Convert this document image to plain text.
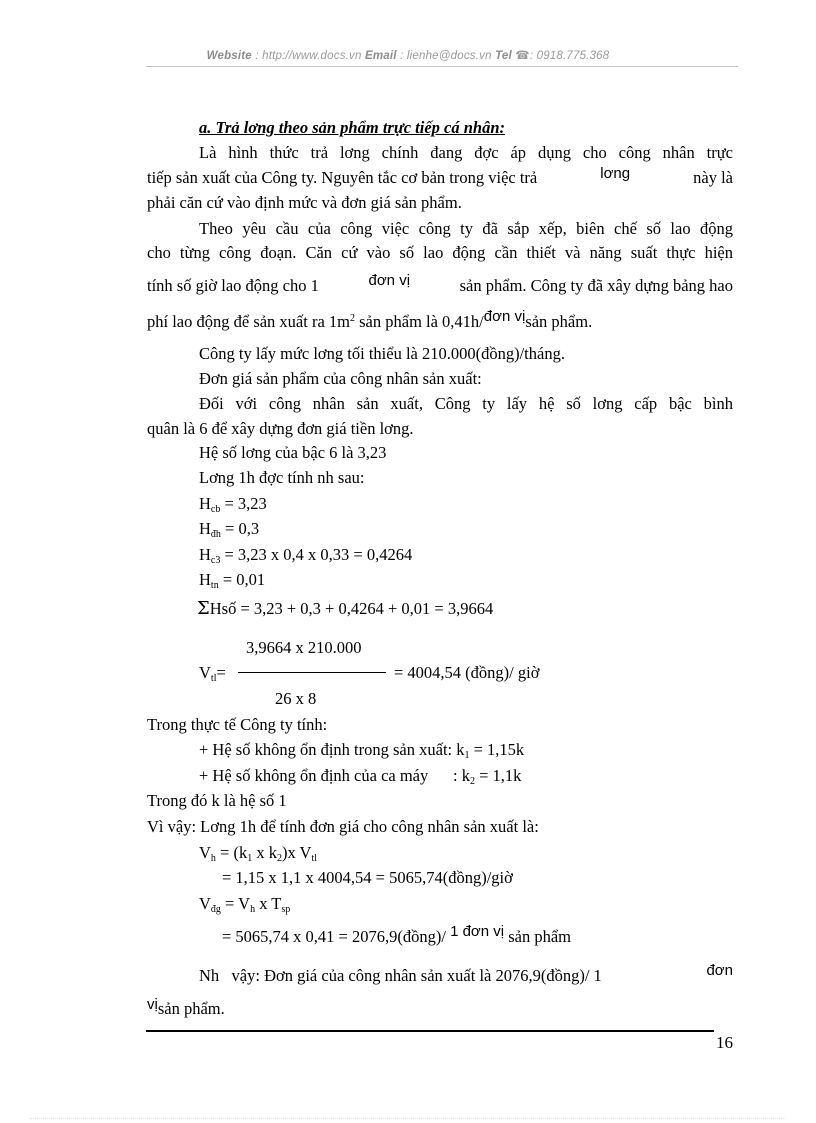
Website : http://www.docs.vn Email : lienhe@docs.vn Tel ☎: 0918.775.368
a. Trả lơng theo sản phẩm trực tiếp cá nhân:
Là hình thức trả lơng chính đang đợc áp dụng cho công nhân trực
tiếp sản xuất của Công ty. Nguyên tắc cơ bản trong việc trả	lơng	này là
phải căn cứ vào định mức và đơn giá sản phẩm.
Theo yêu cầu của công việc công ty đã sắp xếp, biên chế số lao động
cho từng công đoạn. Căn cứ vào số lao động cần thiết và năng suất thực hiện
tính số giờ lao động cho 1	đơn vị	sản phẩm. Công ty đã xây dựng bảng hao
phí lao động để sản xuất ra $1m^2$ sản phẩm là 0,41h/đơn vịsản phẩm.
Công ty lấy mức lơng tối thiểu là 210.000(đồng)/tháng.
Đơn giá sản phẩm của công nhân sản xuất:
Đối với công nhân sản xuất, Công ty lấy hệ số lơng cấp bậc bình
quân là 6 để xây dựng đơn giá tiền lơng.
Hệ số lơng của bậc 6 là 3,23
Lơng 1h đợc tính nh sau:
$H_{cb} = 3,23$
$H_{đh} = 0,3$
$H_{c3} = 3,23$ x 0,4 x 0,33 = 0,4264
$H_{tn} = 0,01$
ΣHsố = 3,23 + 0,3 + 0,4264 + 0,01 = 3,9664
3,9664 x 210.000
$V_{tl}=$	= 4004,54 (đồng)/ giờ
26 x 8
Trong thực tế Công ty tính:
+ Hệ số không ổn định trong sản xuất: $k_1 = 1,15k$
+ Hệ số không ổn định của ca máy      : $k_2 = 1,1k$
Trong đó k là hệ số 1
Vì vậy: Lơng 1h để tính đơn giá cho công nhân sản xuất là:
$V_h = (k_1$ x $k_2)x$ $V_{tl}$
= 1,15 x 1,1 x 4004,54 = 5065,74(đồng)/giờ
$V_{đg} = V_h$ x $T_{sp}$
= 5065,74 x 0,41 = 2076,9(đồng)/ 1 đơn vị sản phẩm
Nh   vậy: Đơn giá của công nhân sản xuất là 2076,9(đồng)/ 1	đơn
vịsản phẩm.
16
